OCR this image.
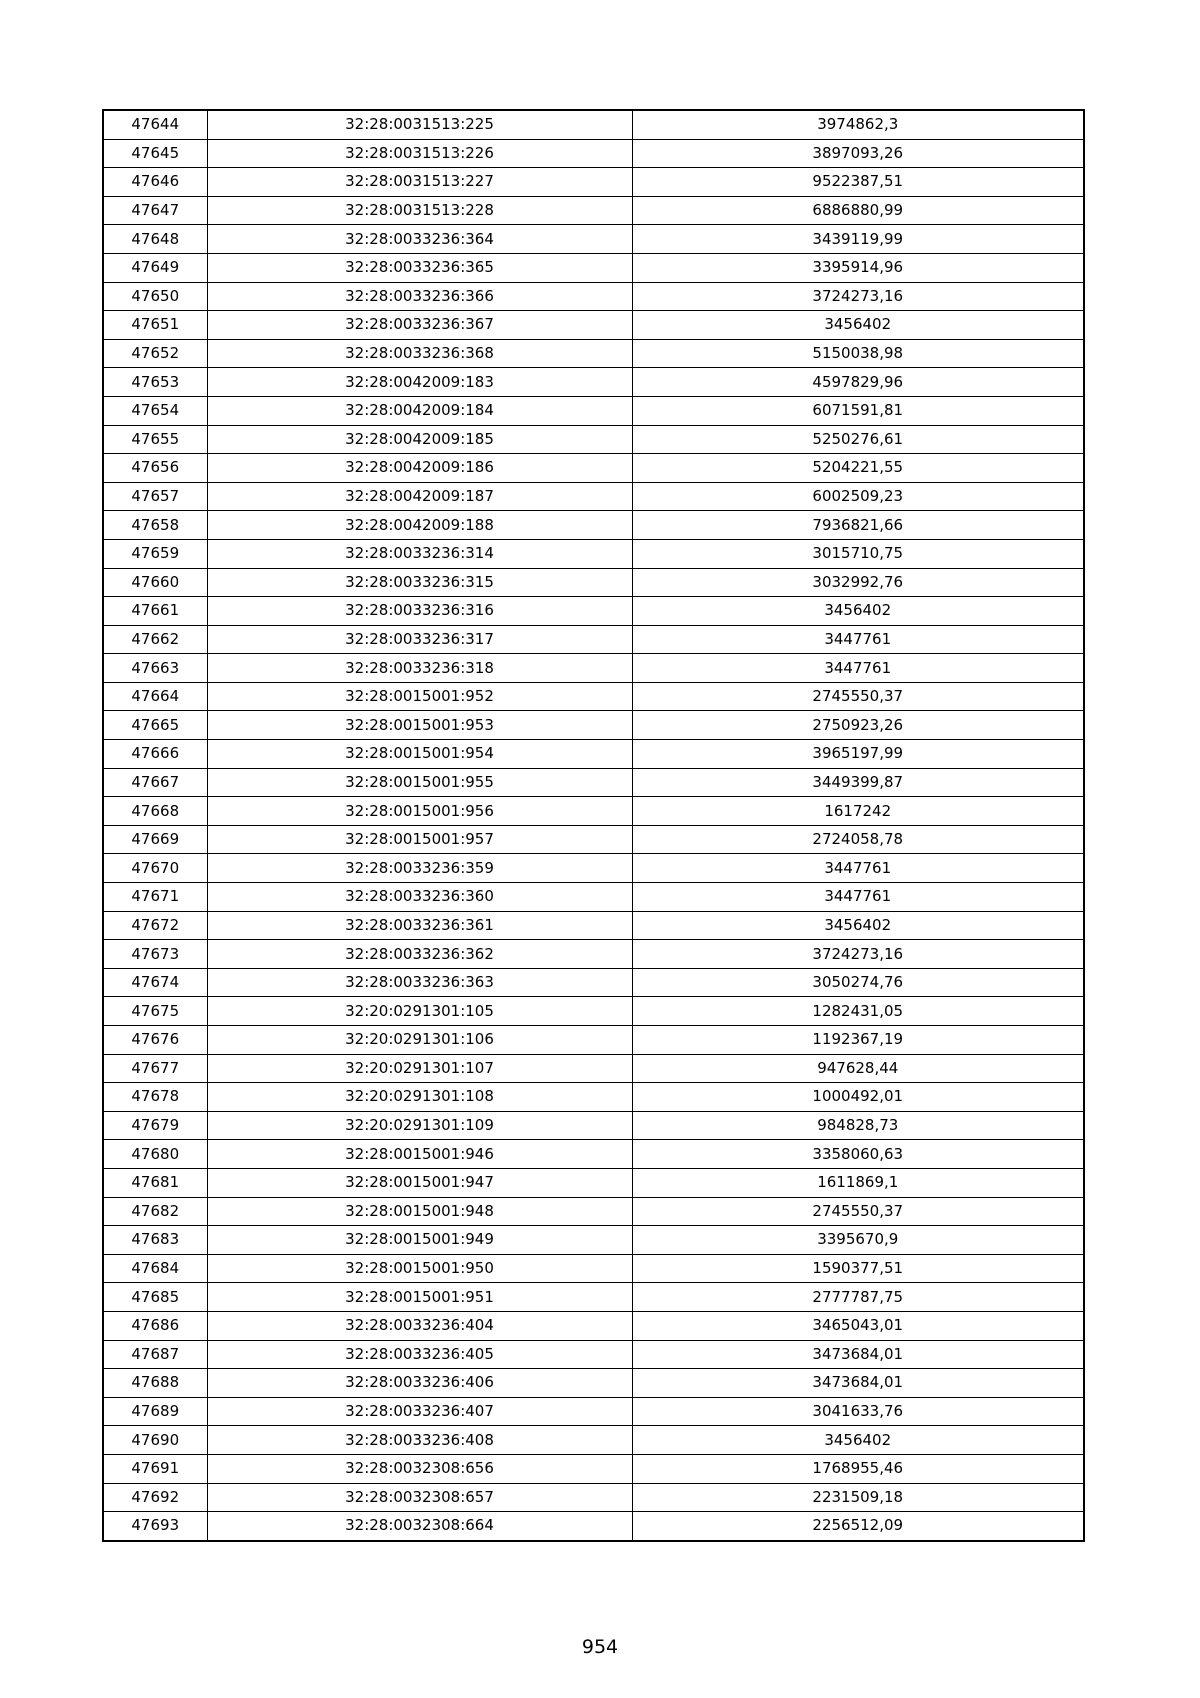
47644	32:28:0031513:225	3974862,3
47645	32:28:0031513:226	3897093,26
47646	32:28:0031513:227	9522387,51
47647	32:28:0031513:228	6886880,99
47648	32:28:0033236:364	3439119,99
47649	32:28:0033236:365	3395914,96
47650	32:28:0033236:366	3724273,16
47651	32:28:0033236:367	3456402
47652	32:28:0033236:368	5150038,98
47653	32:28:0042009:183	4597829,96
47654	32:28:0042009:184	6071591,81
47655	32:28:0042009:185	5250276,61
47656	32:28:0042009:186	5204221,55
47657	32:28:0042009:187	6002509,23
47658	32:28:0042009:188	7936821,66
47659	32:28:0033236:314	3015710,75
47660	32:28:0033236:315	3032992,76
47661	32:28:0033236:316	3456402
47662	32:28:0033236:317	3447761
47663	32:28:0033236:318	3447761
47664	32:28:0015001:952	2745550,37
47665	32:28:0015001:953	2750923,26
47666	32:28:0015001:954	3965197,99
47667	32:28:0015001:955	3449399,87
47668	32:28:0015001:956	1617242
47669	32:28:0015001:957	2724058,78
47670	32:28:0033236:359	3447761
47671	32:28:0033236:360	3447761
47672	32:28:0033236:361	3456402
47673	32:28:0033236:362	3724273,16
47674	32:28:0033236:363	3050274,76
47675	32:20:0291301:105	1282431,05
47676	32:20:0291301:106	1192367,19
47677	32:20:0291301:107	947628,44
47678	32:20:0291301:108	1000492,01
47679	32:20:0291301:109	984828,73
47680	32:28:0015001:946	3358060,63
47681	32:28:0015001:947	1611869,1
47682	32:28:0015001:948	2745550,37
47683	32:28:0015001:949	3395670,9
47684	32:28:0015001:950	1590377,51
47685	32:28:0015001:951	2777787,75
47686	32:28:0033236:404	3465043,01
47687	32:28:0033236:405	3473684,01
47688	32:28:0033236:406	3473684,01
47689	32:28:0033236:407	3041633,76
47690	32:28:0033236:408	3456402
47691	32:28:0032308:656	1768955,46
47692	32:28:0032308:657	2231509,18
47693	32:28:0032308:664	2256512,09
954
